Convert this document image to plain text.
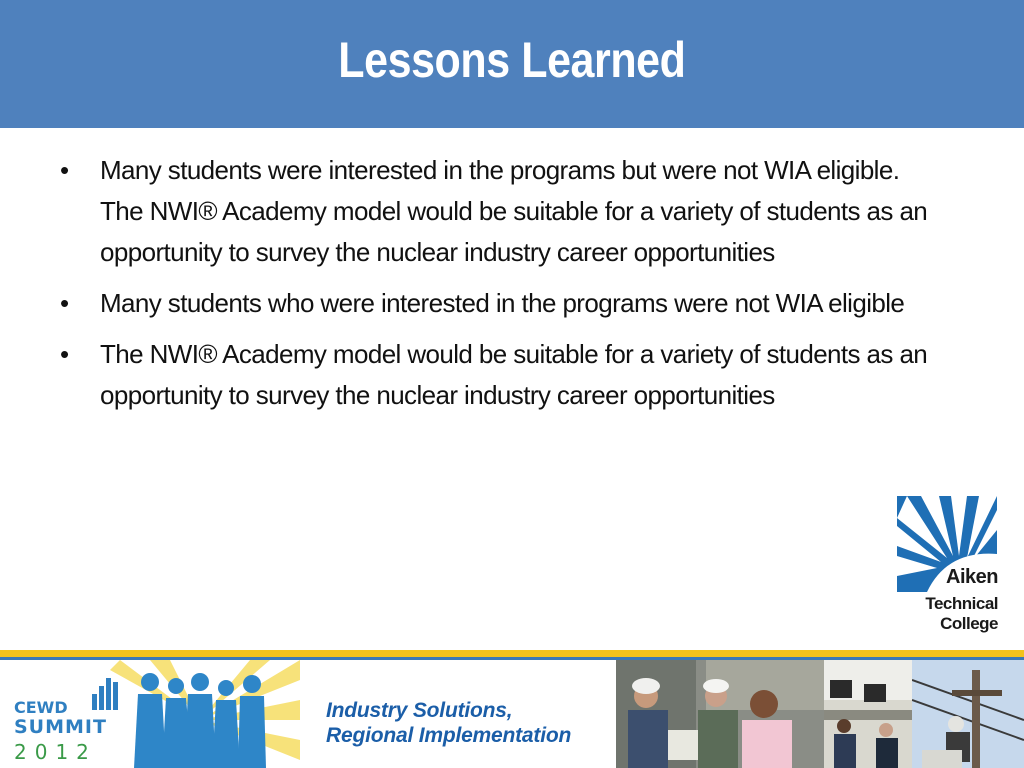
Lessons Learned
• Many students were interested in the programs but were not WIA eligible. The NWI® Academy model would be suitable for a variety of students as an opportunity to survey the nuclear industry career opportunities
• Many students who were interested in the programs were not WIA eligible
• The NWI® Academy model would be suitable for a variety of students as an opportunity to survey the nuclear industry career opportunities
Aiken
Technical
College
CEWD
SUMMIT
2012
Industry Solutions,
Regional Implementation
